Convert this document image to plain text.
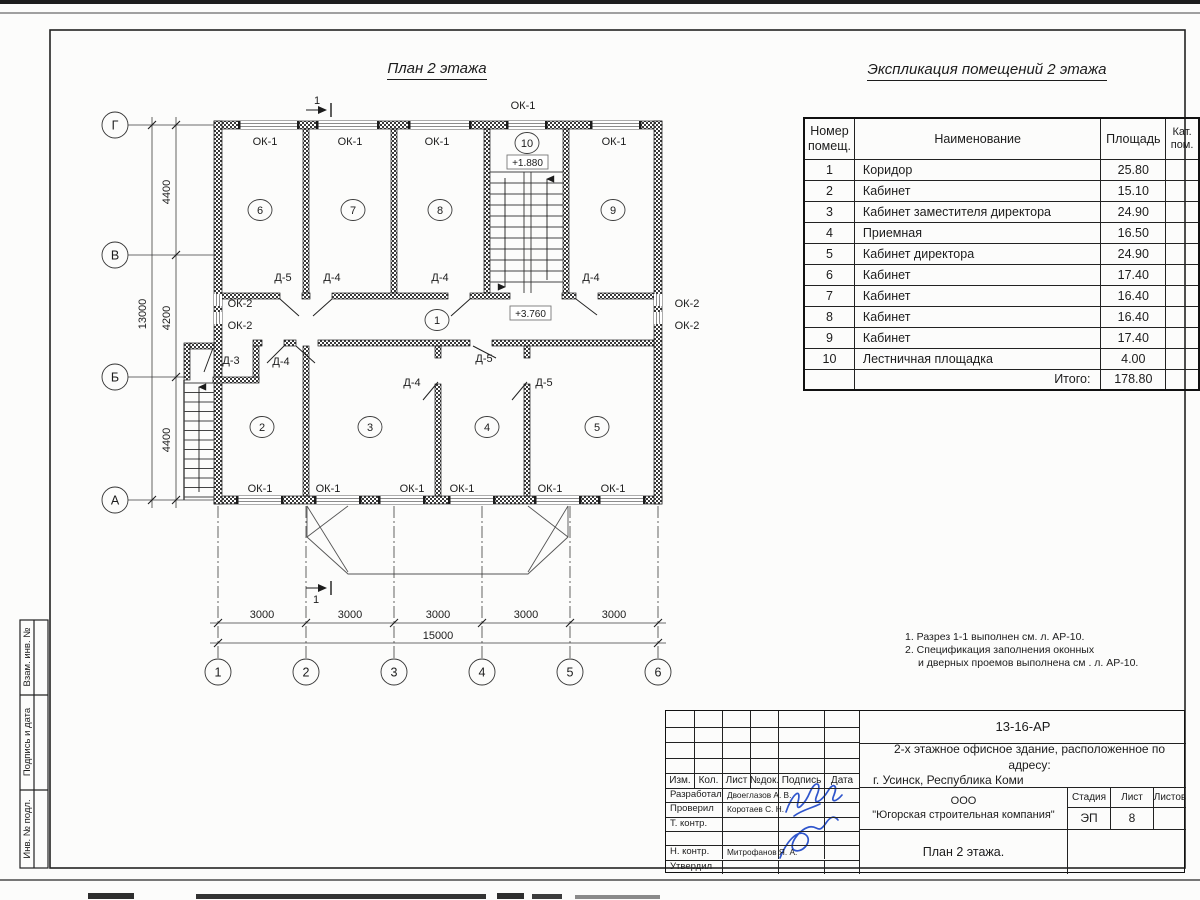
Взам. инв. №
Подпись и дата
Инв. № подл.
Г
В
Б
А
1	2	3	4	5	6
4400
4200
4400
13000
3000	3000	3000	3000	3000
15000
1
1
6	7	8	9
10
1
2	3	4	5
+1.880
+3.760
ОК-1
ОК-1	ОК-1	ОК-1	ОК-1
ОК-1	ОК-1	ОК-1 ОК-1	ОК-1	ОК-1
ОК-2
ОК-2
ОК-2
ОК-2
Д-5	Д-4	Д-4	Д-4
Д-3	Д-4	Д-5
Д-4	Д-5
План 2 этажа	Экспликация помещений 2 этажа
Номер помещ.	Наименование	Площадь	Кат. пом.
1	Коридор	25.80	
2	Кабинет	15.10	
3	Кабинет заместителя директора	24.90	
4	Приемная	16.50	
5	Кабинет директора	24.90	
6	Кабинет	17.40	
7	Кабинет	16.40	
8	Кабинет	16.40	
9	Кабинет	17.40	
10	Лестничная площадка	4.00	
	Итого:	178.80	
1. Разрез 1-1 выполнен см. л. АР-10.
2. Спецификация заполнения оконных
и дверных проемов выполнена см . л. АР-10.
Изм. Кол. Лист №док. Подпись Дата
Разработал Двоеглазов А. В.
Проверил	Коротаев С. Н.
Т. контр.
Н. контр.	Митрофанов Я. А.
Утвердил
13-16-АР
2-х этажное офисное здание, расположенное по адресу:
г. Усинск, Республика Коми
ООО
"Югорская строительная компания"
Стадия	Лист	Листов
ЭП	8
План 2 этажа.
